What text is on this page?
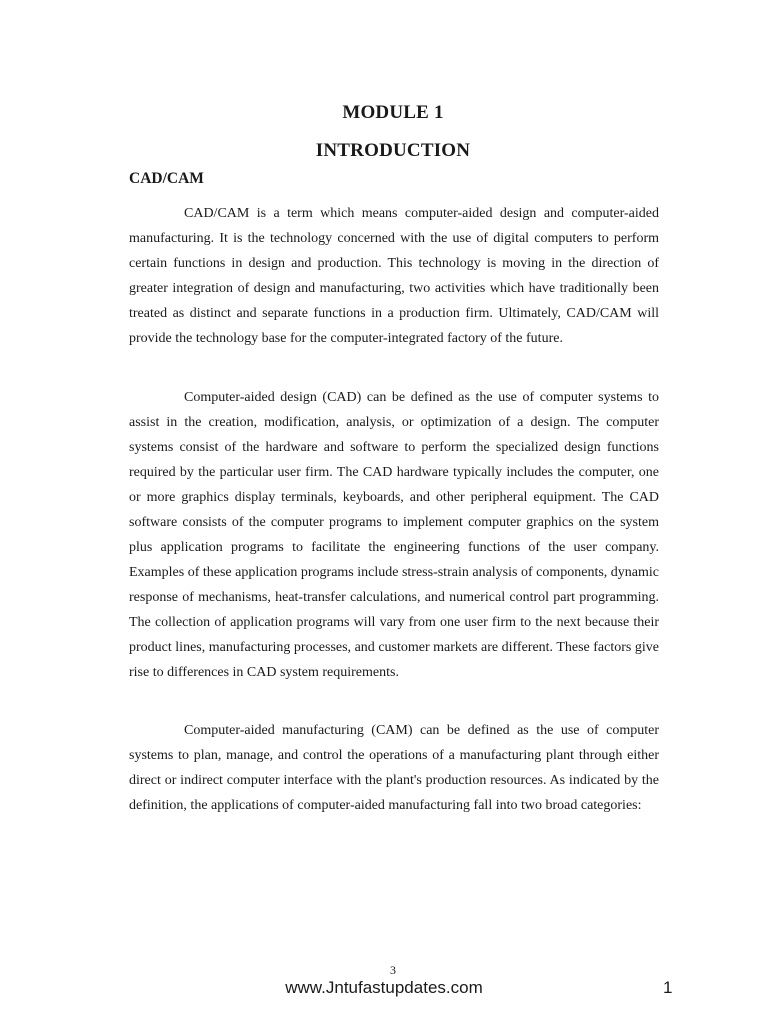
MODULE 1
INTRODUCTION
CAD/CAM

CAD/CAM is a term which means computer-aided design and computer-aided manufacturing. It is the technology concerned with the use of digital computers to perform certain functions in design and production. This technology is moving in the direction of greater integration of design and manufacturing, two activities which have traditionally been treated as distinct and separate functions in a production firm. Ultimately, CAD/CAM will provide the technology base for the computer-integrated factory of the future.

Computer-aided design (CAD) can be defined as the use of computer systems to assist in the creation, modification, analysis, or optimization of a design. The computer systems consist of the hardware and software to perform the specialized design functions required by the particular user firm. The CAD hardware typically includes the computer, one or more graphics display terminals, keyboards, and other peripheral equipment. The CAD software consists of the computer programs to implement computer graphics on the system plus application programs to facilitate the engineering functions of the user company. Examples of these application programs include stress-strain analysis of components, dynamic response of mechanisms, heat-transfer calculations, and numerical control part programming. The collection of application programs will vary from one user firm to the next because their product lines, manufacturing processes, and customer markets are different. These factors give rise to differences in CAD system requirements.

Computer-aided manufacturing (CAM) can be defined as the use of computer systems to plan, manage, and control the operations of a manufacturing plant through either direct or indirect computer interface with the plant's production resources. As indicated by the definition, the applications of computer-aided manufacturing fall into two broad categories:

3
www.Jntufastupdates.com	1
